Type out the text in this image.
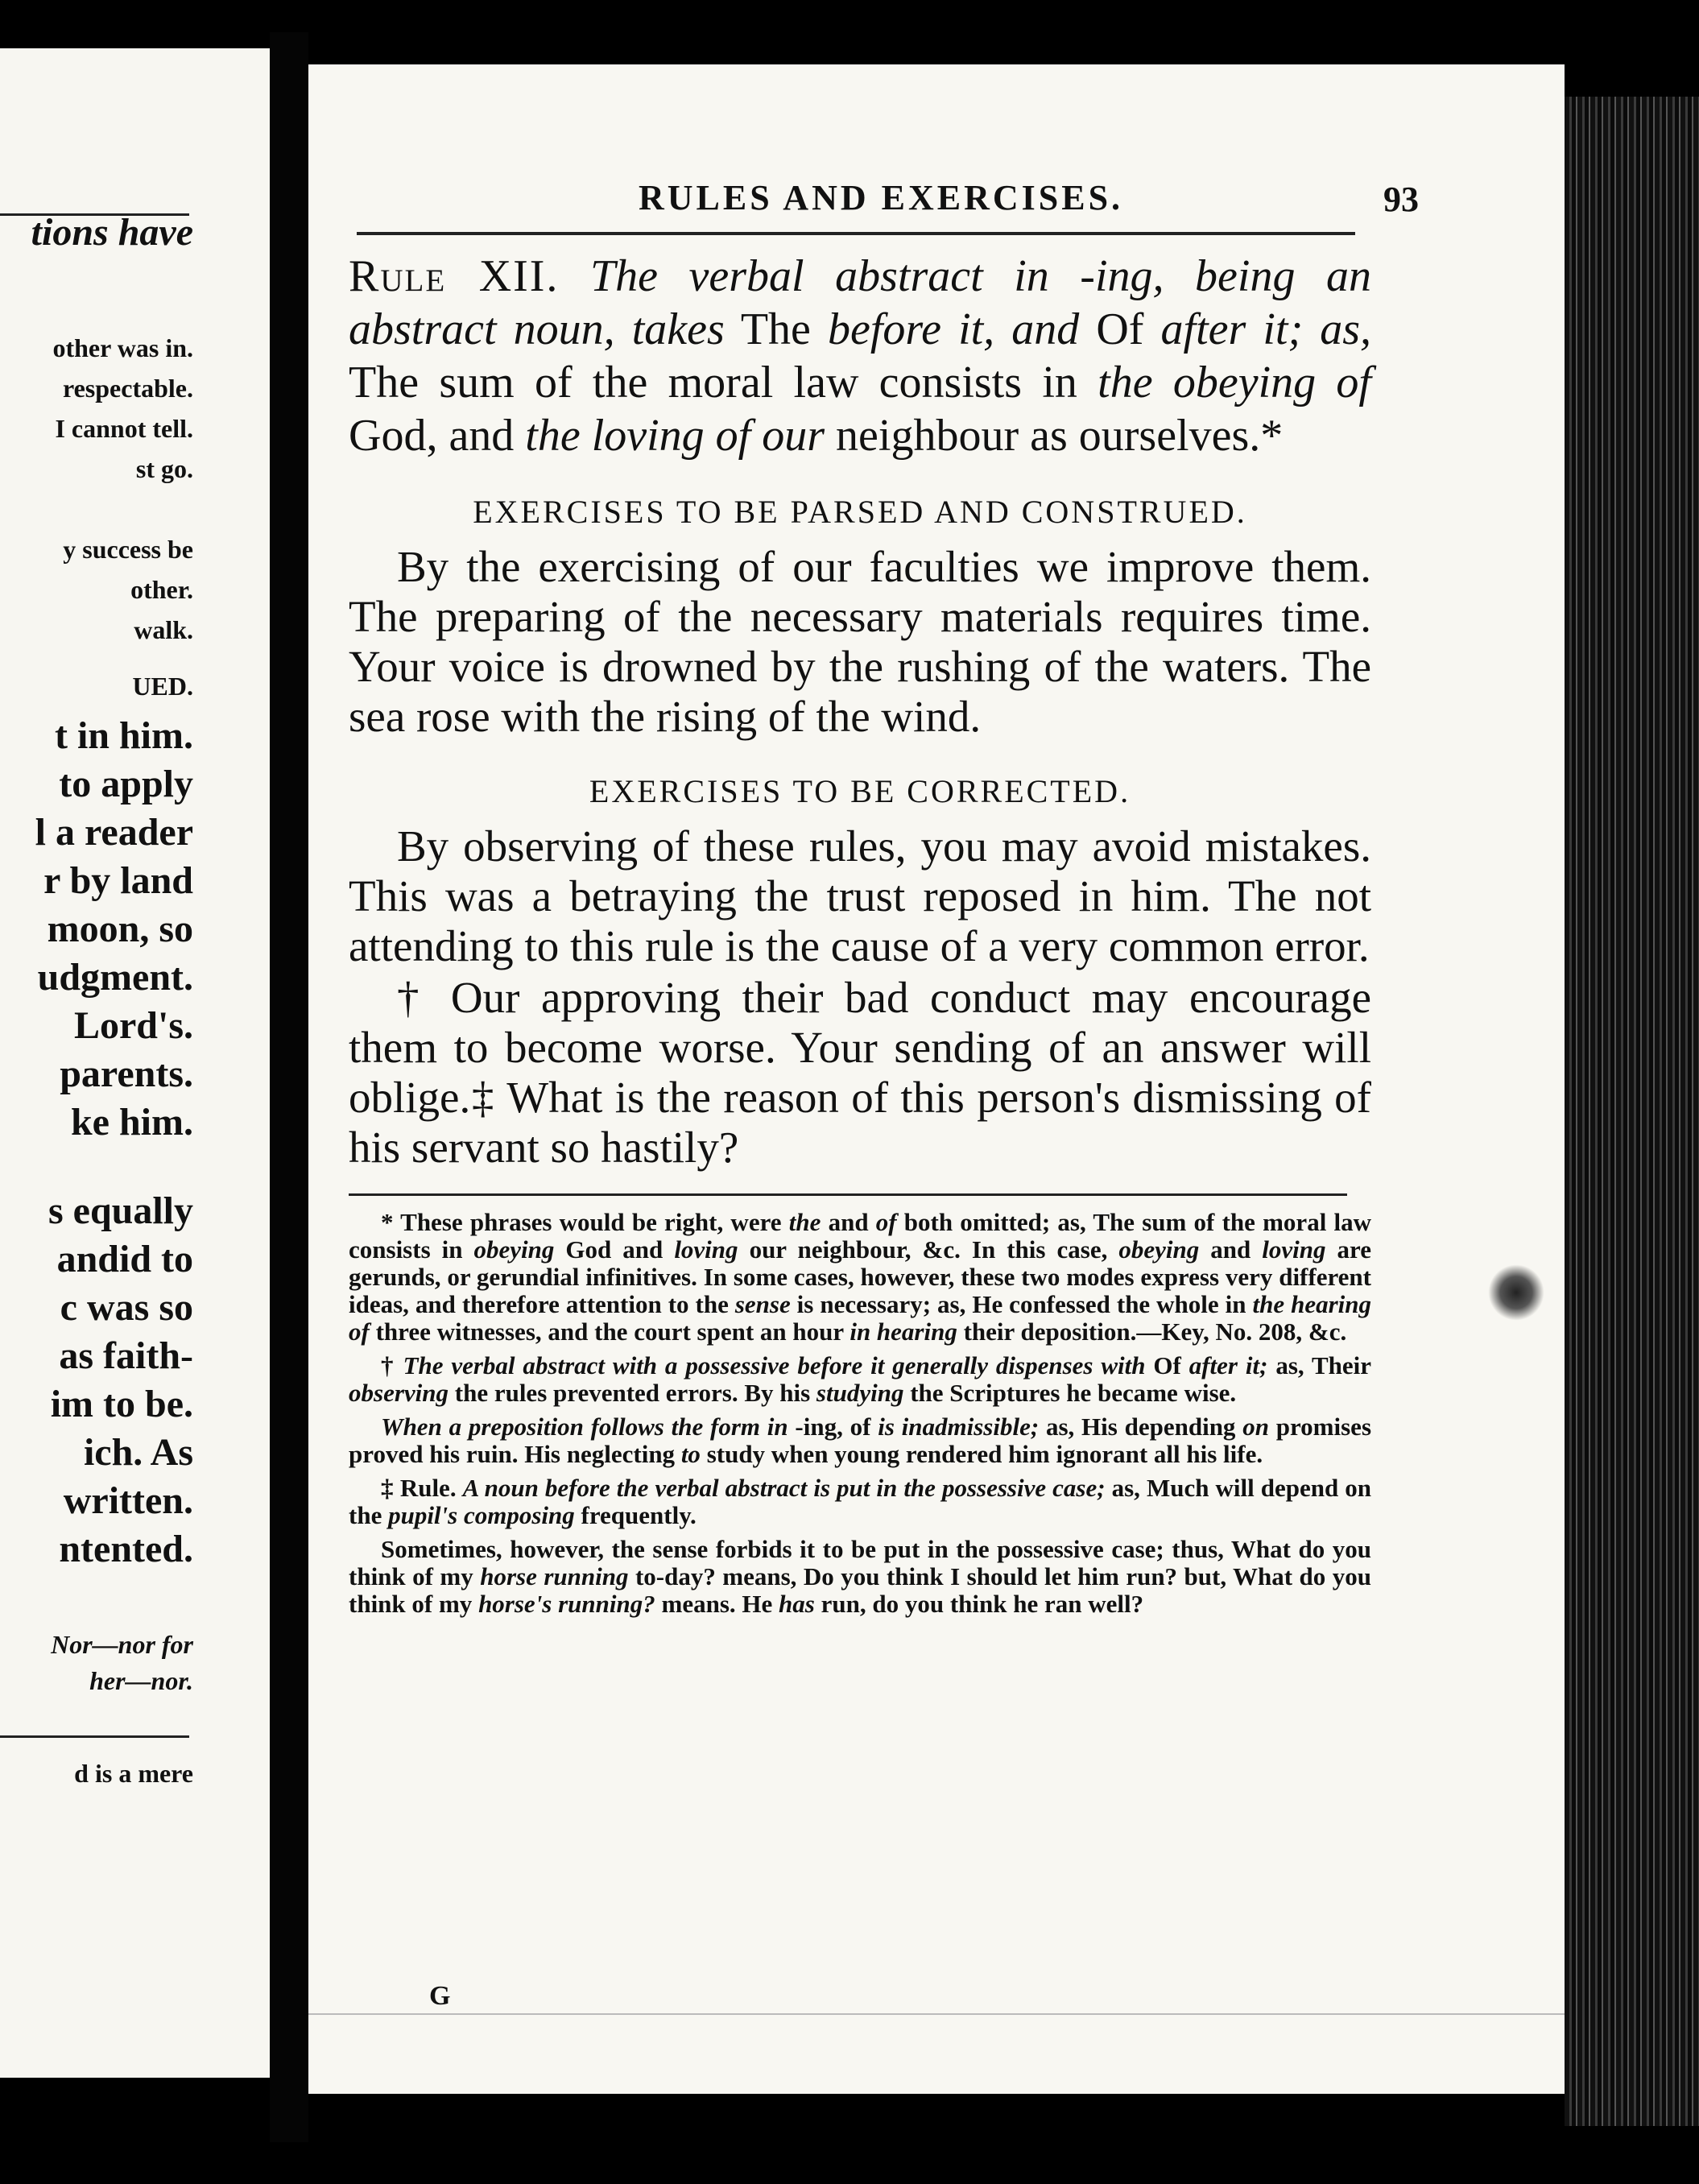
tions have
other was in.
respectable.
I cannot tell.
st go.
y success be
other.
walk.
UED.
t in him.
to apply
l a reader
r by land
moon, so
udgment.
Lord's.
parents.
ke him.
s equally
andid to
c was so
as faith-
im to be.
ich. As
written.
ntented.
Nor—nor for
her—nor.
d is a mere
RULES AND EXERCISES.	93

Rule XII. The verbal abstract in -ing, being an abstract noun, takes The before it, and Of after it; as, The sum of the moral law consists in the obeying of God, and the loving of our neighbour as ourselves.*

EXERCISES TO BE PARSED AND CONSTRUED.

By the exercising of our faculties we improve them. The preparing of the necessary materials requires time. Your voice is drowned by the rushing of the waters. The sea rose with the rising of the wind.

EXERCISES TO BE CORRECTED.

By observing of these rules, you may avoid mistakes. This was a betraying the trust reposed in him. The not attending to this rule is the cause of a very common error.

† Our approving their bad conduct may encourage them to become worse. Your sending of an answer will oblige.‡ What is the reason of this person's dismissing of his servant so hastily?

* These phrases would be right, were the and of both omitted; as, The sum of the moral law consists in obeying God and loving our neighbour, &c. In this case, obeying and loving are gerunds, or gerundial infinitives. In some cases, however, these two modes express very different ideas, and therefore attention to the sense is necessary; as, He confessed the whole in the hearing of three witnesses, and the court spent an hour in hearing their deposition.—Key, No. 208, &c.

† The verbal abstract with a possessive before it generally dispenses with Of after it; as, Their observing the rules prevented errors. By his studying the Scriptures he became wise.

When a preposition follows the form in -ing, of is inadmissible; as, His depending on promises proved his ruin. His neglecting to study when young rendered him ignorant all his life.

‡ Rule. A noun before the verbal abstract is put in the possessive case; as, Much will depend on the pupil's composing frequently.

Sometimes, however, the sense forbids it to be put in the possessive case; thus, What do you think of my horse running to-day? means, Do you think I should let him run? but, What do you think of my horse's running? means. He has run, do you think he ran well?

G
